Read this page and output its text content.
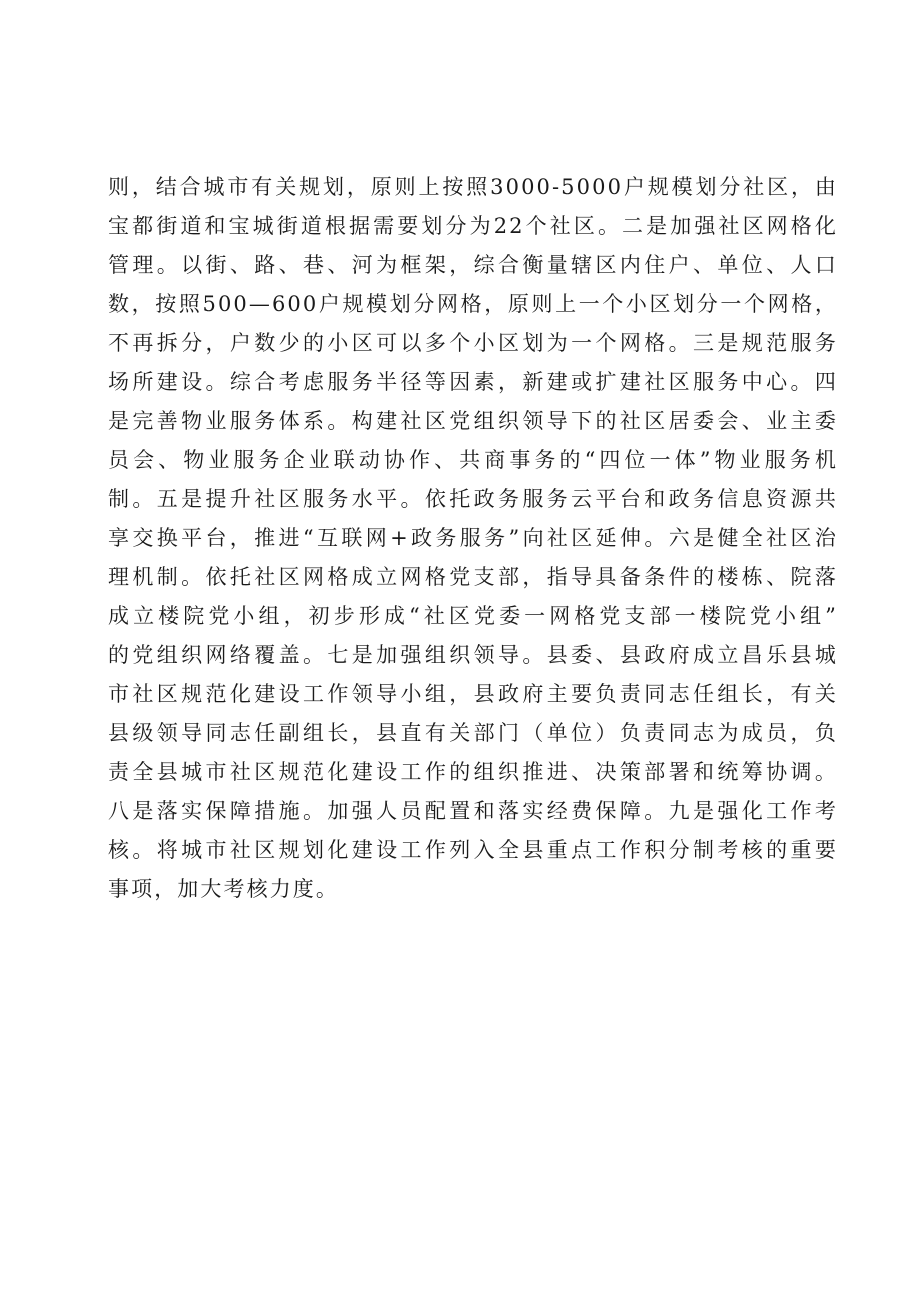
则，结合城市有关规划，原则上按照3000-5000户规模划分社区，由
宝都街道和宝城街道根据需要划分为22个社区。二是加强社区网格化
管理。以街、路、巷、河为框架，综合衡量辖区内住户、单位、人口
数，按照500—600户规模划分网格，原则上一个小区划分一个网格，
不再拆分，户数少的小区可以多个小区划为一个网格。三是规范服务
场所建设。综合考虑服务半径等因素，新建或扩建社区服务中心。四
是完善物业服务体系。构建社区党组织领导下的社区居委会、业主委
员会、物业服务企业联动协作、共商事务的“四位一体”物业服务机
制。五是提升社区服务水平。依托政务服务云平台和政务信息资源共
享交换平台，推进“互联网+政务服务”向社区延伸。六是健全社区治
理机制。依托社区网格成立网格党支部，指导具备条件的楼栋、院落
成立楼院党小组，初步形成“社区党委一网格党支部一楼院党小组”
的党组织网络覆盖。七是加强组织领导。县委、县政府成立昌乐县城
市社区规范化建设工作领导小组，县政府主要负责同志任组长，有关
县级领导同志任副组长，县直有关部门（单位）负责同志为成员，负
责全县城市社区规范化建设工作的组织推进、决策部署和统筹协调。
八是落实保障措施。加强人员配置和落实经费保障。九是强化工作考
核。将城市社区规划化建设工作列入全县重点工作积分制考核的重要
事项，加大考核力度。
